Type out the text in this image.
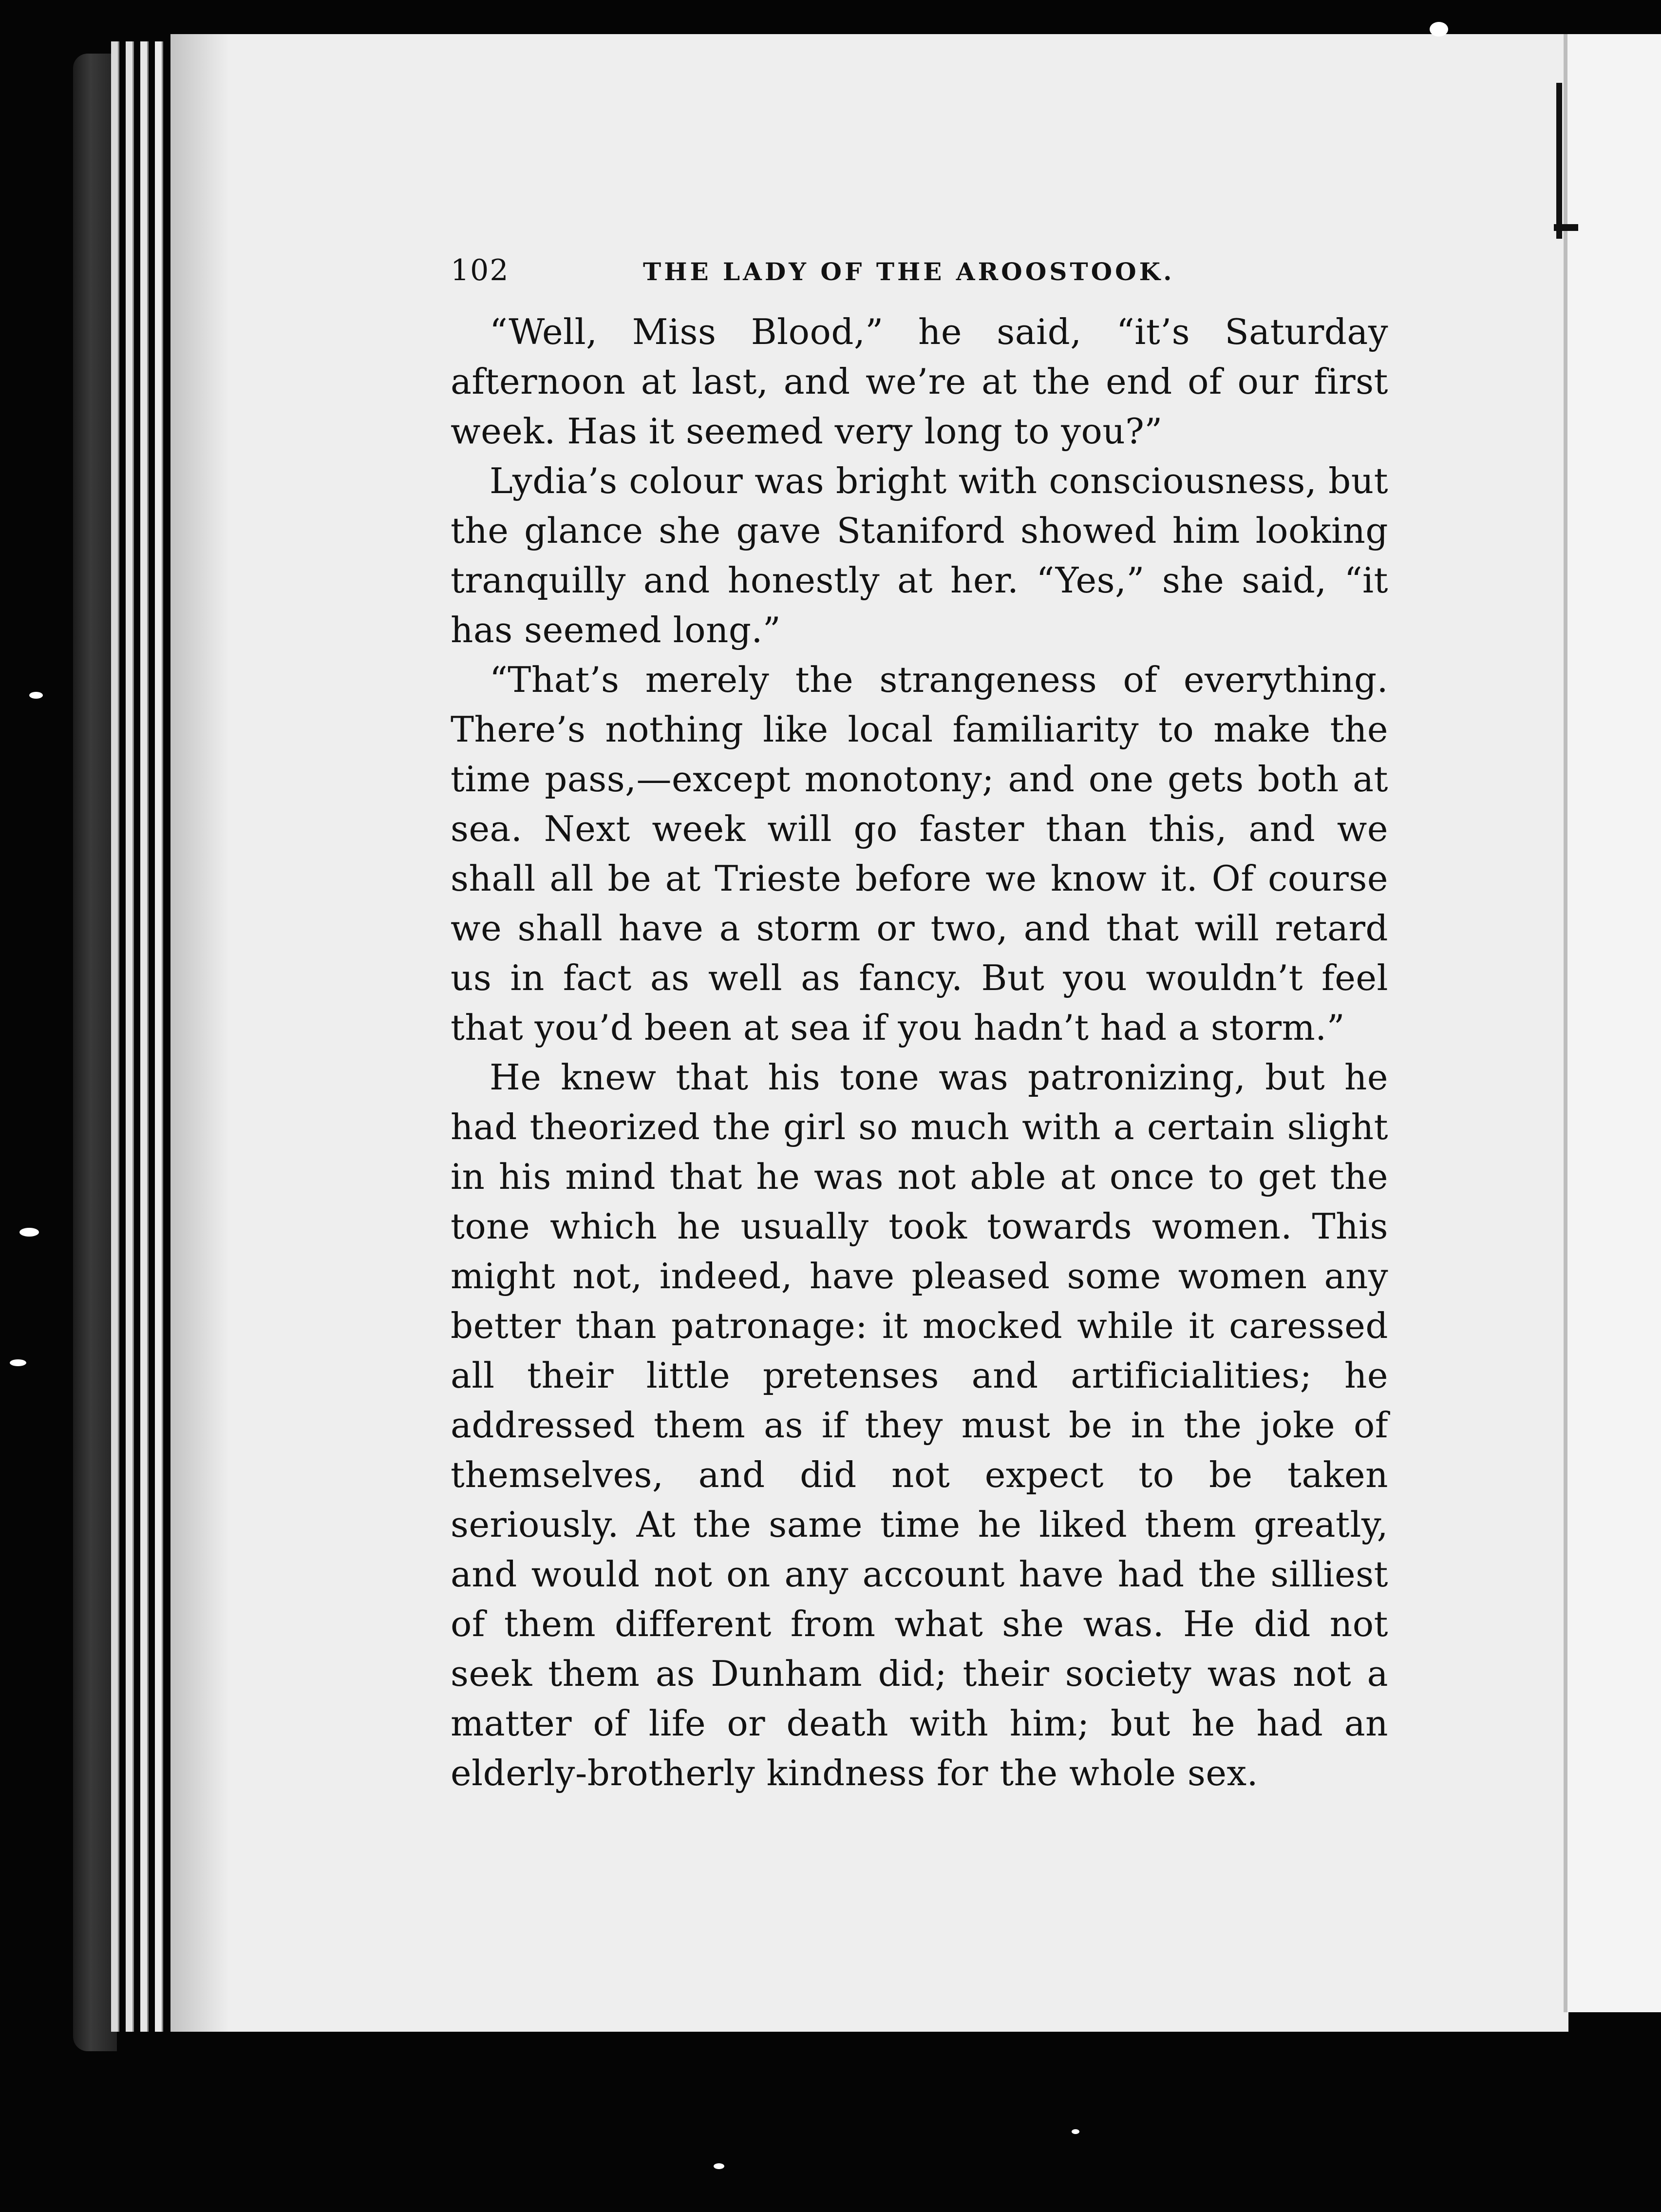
102	THE LADY OF THE AROOSTOOK.

“Well, Miss Blood,” he said, “it’s Saturday afternoon at last, and we’re at the end of our first week. Has it seemed very long to you?”

Lydia’s colour was bright with consciousness, but the glance she gave Staniford showed him looking tranquilly and honestly at her. “Yes,” she said, “it has seemed long.”

“That’s merely the strangeness of everything. There’s nothing like local familiarity to make the time pass,—except monotony; and one gets both at sea. Next week will go faster than this, and we shall all be at Trieste before we know it. Of course we shall have a storm or two, and that will retard us in fact as well as fancy. But you wouldn’t feel that you’d been at sea if you hadn’t had a storm.”

He knew that his tone was patronizing, but he had theorized the girl so much with a certain slight in his mind that he was not able at once to get the tone which he usually took towards women. This might not, indeed, have pleased some women any better than patronage: it mocked while it caressed all their little pretenses and artificialities; he addressed them as if they must be in the joke of themselves, and did not expect to be taken seriously. At the same time he liked them greatly, and would not on any account have had the silliest of them different from what she was. He did not seek them as Dunham did; their society was not a matter of life or death with him; but he had an elderly-brotherly kindness for the whole sex.
